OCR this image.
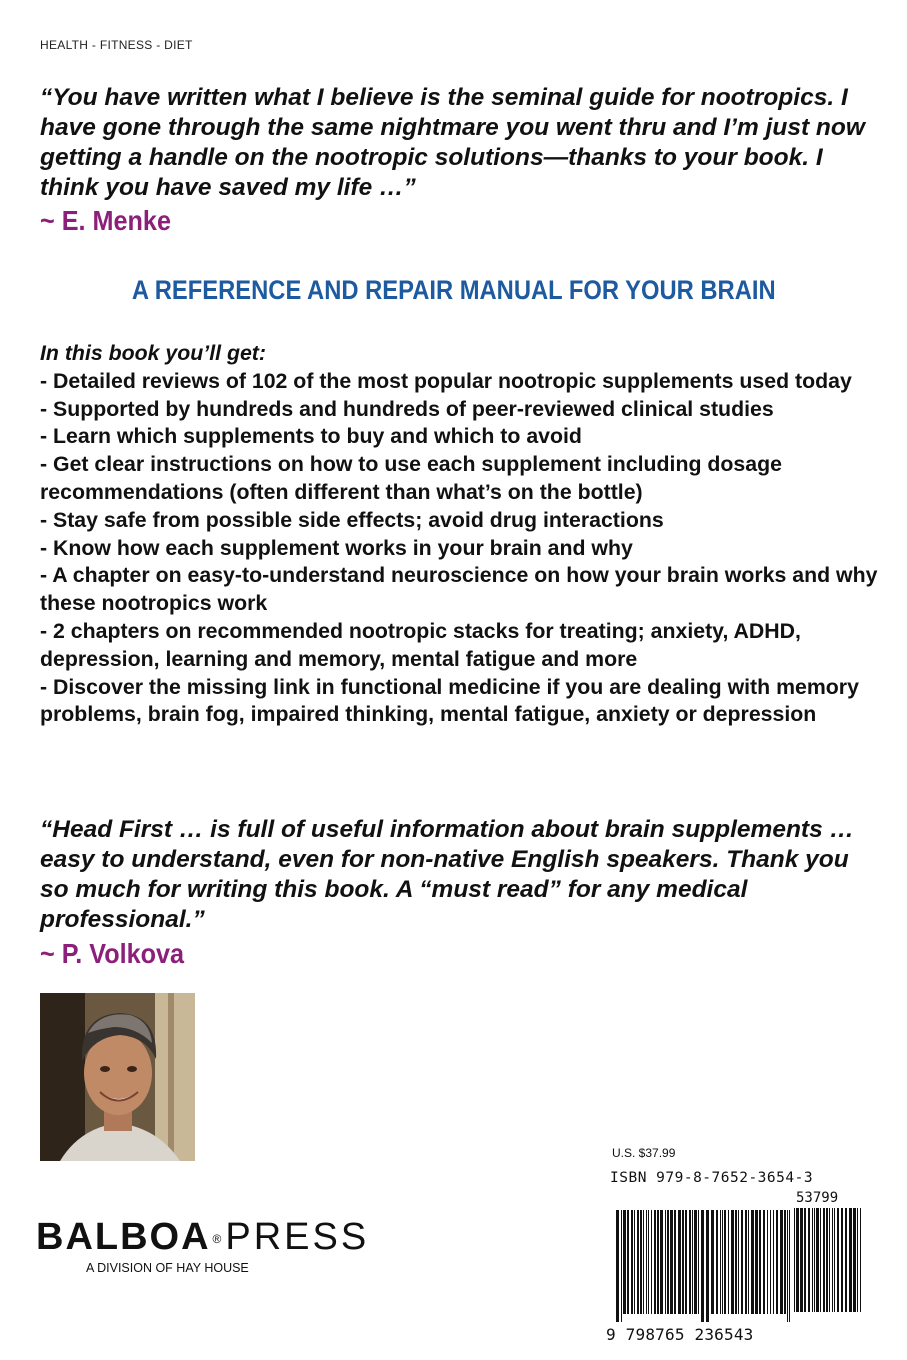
HEALTH - FITNESS - DIET
“You have written what I believe is the seminal guide for nootropics. I have gone through the same nightmare you went thru and I’m just now getting a handle on the nootropic solutions—thanks to your book. I think you have saved my life …”
~ E. Menke
A REFERENCE AND REPAIR MANUAL FOR YOUR BRAIN
In this book you’ll get:
- Detailed reviews of 102 of the most popular nootropic supplements used today
- Supported by hundreds and hundreds of peer-reviewed clinical studies
- Learn which supplements to buy and which to avoid
- Get clear instructions on how to use each supplement including dosage recommendations (often different than what’s on the bottle)
- Stay safe from possible side effects; avoid drug interactions
- Know how each supplement works in your brain and why
- A chapter on easy-to-understand neuroscience on how your brain works and why these nootropics work
- 2 chapters on recommended nootropic stacks for treating; anxiety, ADHD, depression, learning and memory, mental fatigue and more
- Discover the missing link in functional medicine if you are dealing with memory problems, brain fog, impaired thinking, mental fatigue, anxiety or depression
“Head First … is full of useful information about brain supplements … easy to understand, even for non-native English speakers. Thank you so much for writing this book. A “must read” for any medical professional.”
~ P. Volkova
U.S. $37.99
ISBN 979-8-7652-3654-3
53799
9 798765 236543
BALBOA ®PRESS
A DIVISION OF HAY HOUSE
